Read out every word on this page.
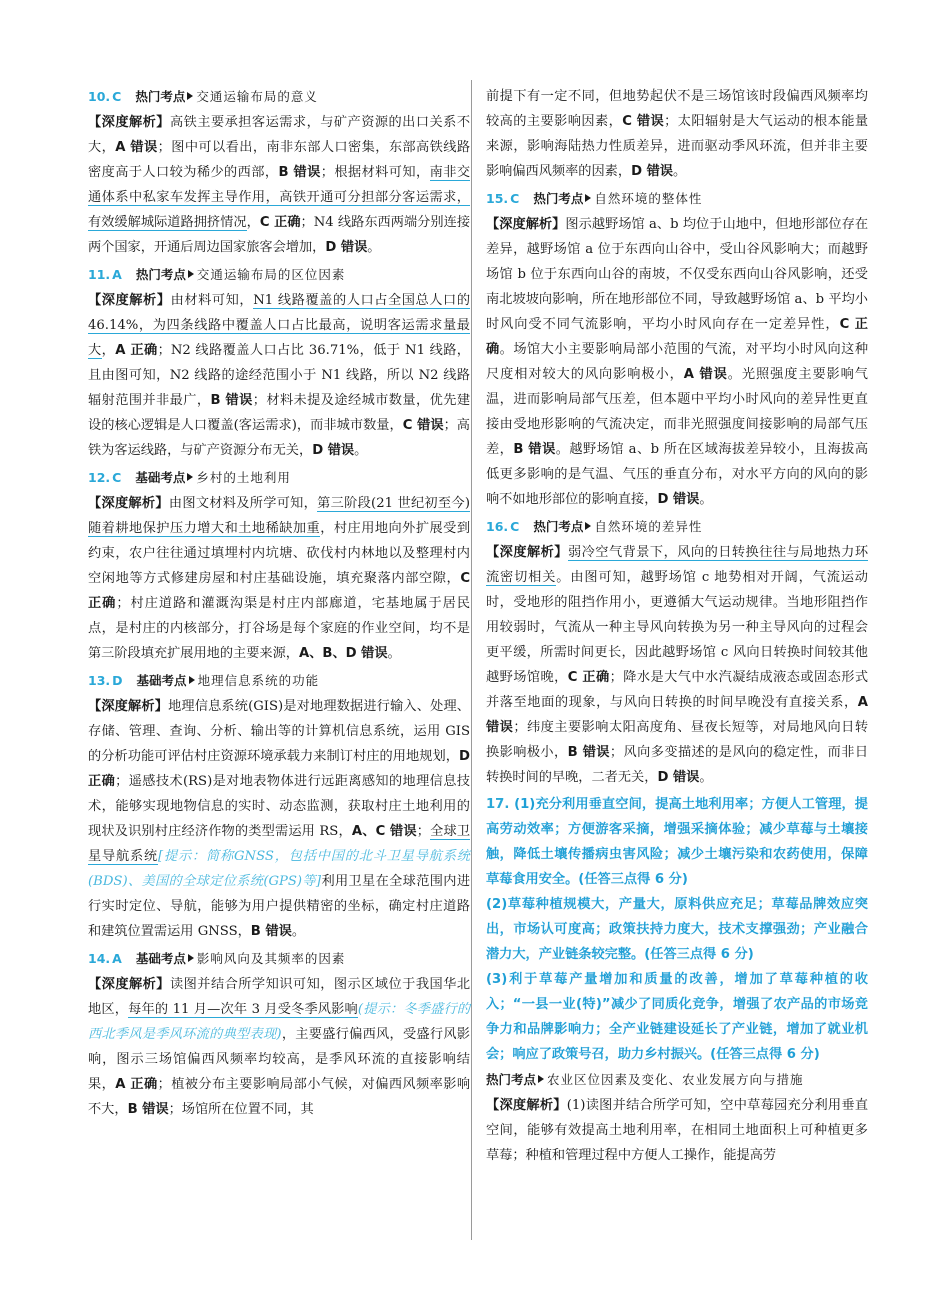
10. C 热门考点 交通运输布局的意义
【深度解析】高铁主要承担客运需求，与矿产资源的出口关系不大，A 错误；图中可以看出，南非东部人口密集，东部高铁线路密度高于人口较为稀少的西部，B 错误；根据材料可知，南非交通体系中私家车发挥主导作用，高铁开通可分担部分客运需求，有效缓解城际道路拥挤情况，C 正确；N4 线路东西两端分别连接两个国家，开通后周边国家旅客会增加，D 错误。
11. A 热门考点 交通运输布局的区位因素
【深度解析】由材料可知，N1 线路覆盖的人口占全国总人口的 46.14%，为四条线路中覆盖人口占比最高，说明客运需求量最大，A 正确；N2 线路覆盖人口占比 36.71%，低于 N1 线路，且由图可知，N2 线路的途经范围小于 N1 线路，所以 N2 线路辐射范围并非最广，B 错误；材料未提及途经城市数量，优先建设的核心逻辑是人口覆盖(客运需求)，而非城市数量，C 错误；高铁为客运线路，与矿产资源分布无关，D 错误。
12. C 基础考点 乡村的土地利用
【深度解析】由图文材料及所学可知，第三阶段(21 世纪初至今)随着耕地保护压力增大和土地稀缺加重，村庄用地向外扩展受到约束，农户往往通过填埋村内坑塘、砍伐村内林地以及整理村内空闲地等方式修建房屋和村庄基础设施，填充聚落内部空隙，C 正确；村庄道路和灌溉沟渠是村庄内部廊道，宅基地属于居民点，是村庄的内核部分，打谷场是每个家庭的作业空间，均不是第三阶段填充扩展用地的主要来源，A、B、D 错误。
13. D 基础考点 地理信息系统的功能
【深度解析】地理信息系统(GIS)是对地理数据进行输入、处理、存储、管理、查询、分析、输出等的计算机信息系统，运用 GIS 的分析功能可评估村庄资源环境承载力来制订村庄的用地规划，D 正确；遥感技术(RS)是对地表物体进行远距离感知的地理信息技术，能够实现地物信息的实时、动态监测，获取村庄土地利用的现状及识别村庄经济作物的类型需运用 RS，A、C 错误；全球卫星导航系统[提示：简称GNSS，包括中国的北斗卫星导航系统(BDS)、美国的全球定位系统(GPS)等]利用卫星在全球范围内进行实时定位、导航，能够为用户提供精密的坐标，确定村庄道路和建筑位置需运用 GNSS，B 错误。
14. A 基础考点 影响风向及其频率的因素
【深度解析】读图并结合所学知识可知，图示区域位于我国华北地区，每年的 11 月—次年 3 月受冬季风影响(提示：冬季盛行的西北季风是季风环流的典型表现)，主要盛行偏西风，受盛行风影响，图示三场馆偏西风频率均较高，是季风环流的直接影响结果，A 正确；植被分布主要影响局部小气候，对偏西风频率影响不大，B 错误；场馆所在位置不同，其
前提下有一定不同，但地势起伏不是三场馆该时段偏西风频率均较高的主要影响因素，C 错误；太阳辐射是大气运动的根本能量来源，影响海陆热力性质差异，进而驱动季风环流，但并非主要影响偏西风频率的因素，D 错误。
15. C 热门考点 自然环境的整体性
【深度解析】图示越野场馆 a、b 均位于山地中，但地形部位存在差异，越野场馆 a 位于东西向山谷中，受山谷风影响大；而越野场馆 b 位于东西向山谷的南坡，不仅受东西向山谷风影响，还受南北坡坡向影响，所在地形部位不同，导致越野场馆 a、b 平均小时风向受不同气流影响，平均小时风向存在一定差异性，C 正确。场馆大小主要影响局部小范围的气流，对平均小时风向这种尺度相对较大的风向影响极小，A 错误。光照强度主要影响气温，进而影响局部气压差，但本题中平均小时风向的差异性更直接由受地形影响的气流决定，而非光照强度间接影响的局部气压差，B 错误。越野场馆 a、b 所在区域海拔差异较小，且海拔高低更多影响的是气温、气压的垂直分布，对水平方向的风向的影响不如地形部位的影响直接，D 错误。
16. C 热门考点 自然环境的差异性
【深度解析】弱冷空气背景下，风向的日转换往往与局地热力环流密切相关。由图可知，越野场馆 c 地势相对开阔，气流运动时，受地形的阻挡作用小，更遵循大气运动规律。当地形阻挡作用较弱时，气流从一种主导风向转换为另一种主导风向的过程会更平缓，所需时间更长，因此越野场馆 c 风向日转换时间较其他越野场馆晚，C 正确；降水是大气中水汽凝结成液态或固态形式并落至地面的现象，与风向日转换的时间早晚没有直接关系，A 错误；纬度主要影响太阳高度角、昼夜长短等，对局地风向日转换影响极小，B 错误；风向多变描述的是风向的稳定性，而非日转换时间的早晚，二者无关，D 错误。
17. (1)充分利用垂直空间，提高土地利用率；方便人工管理，提高劳动效率；方便游客采摘，增强采摘体验；减少草莓与土壤接触，降低土壤传播病虫害风险；减少土壤污染和农药使用，保障草莓食用安全。(任答三点得 6 分)
(2)草莓种植规模大，产量大，原料供应充足；草莓品牌效应突出，市场认可度高；政策扶持力度大，技术支撑强劲；产业融合潜力大，产业链条较完整。(任答三点得 6 分)
(3)利于草莓产量增加和质量的改善，增加了草莓种植的收入；“一县一业(特)”减少了同质化竞争，增强了农产品的市场竞争力和品牌影响力；全产业链建设延长了产业链，增加了就业机会；响应了政策号召，助力乡村振兴。(任答三点得 6 分)
热门考点 农业区位因素及变化、农业发展方向与措施
【深度解析】(1)读图并结合所学可知，空中草莓园充分利用垂直空间，能够有效提高土地利用率，在相同土地面积上可种植更多草莓；种植和管理过程中方便人工操作，能提高劳
